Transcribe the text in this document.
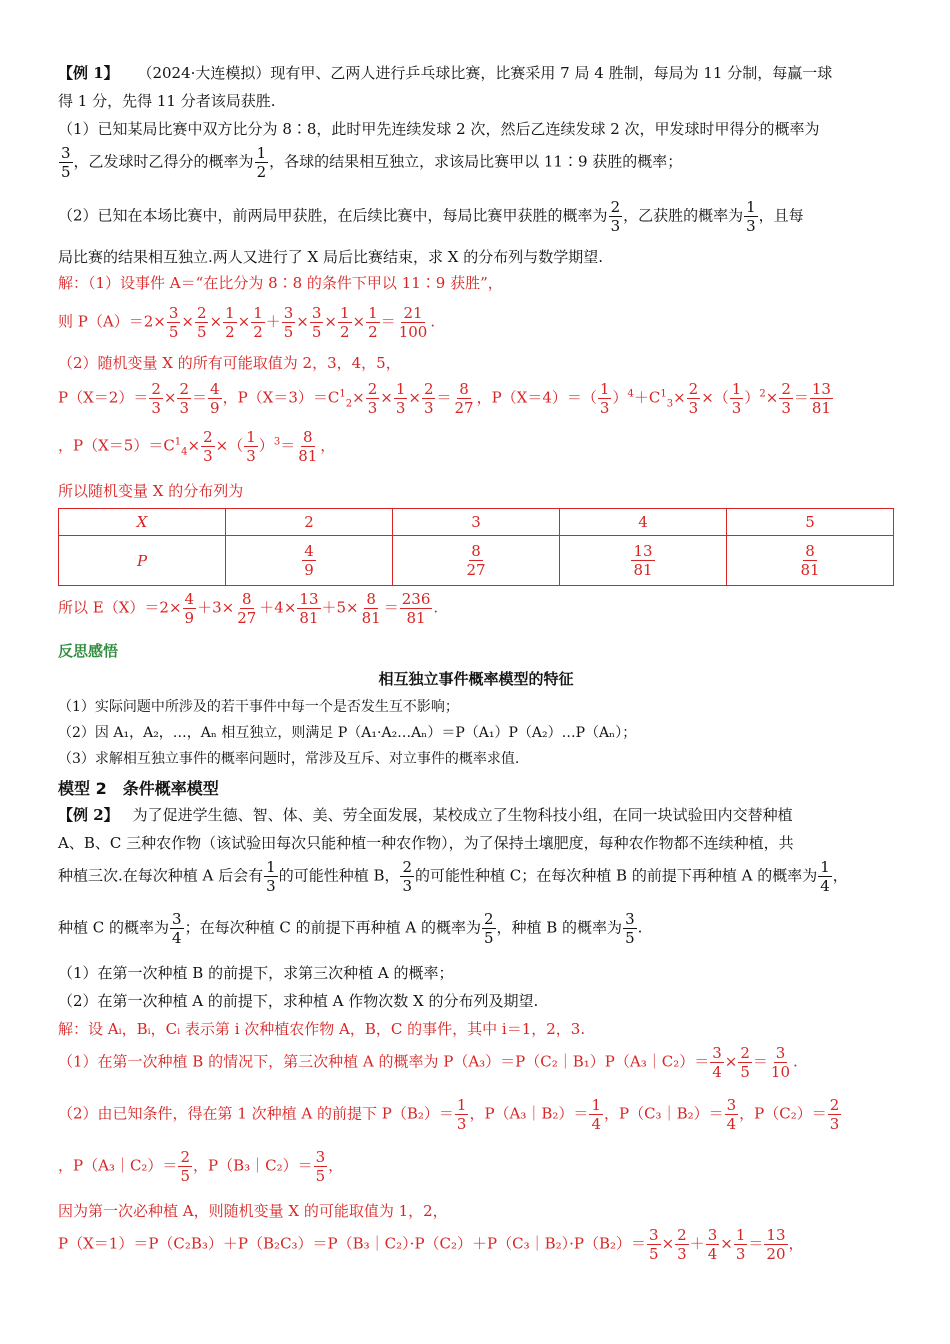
【例 1】 （2024·大连模拟）现有甲、乙两人进行乒乓球比赛，比赛采用 7 局 4 胜制，每局为 11 分制，每赢一球
得 1 分，先得 11 分者该局获胜.
（1）已知某局比赛中双方比分为 8∶8，此时甲先连续发球 2 次，然后乙连续发球 2 次，甲发球时甲得分的概率为
$\frac{3}{5}$ ，乙发球时乙得分的概率为 $\frac{1}{2}$ ，各球的结果相互独立，求该局比赛甲以 11∶9 获胜的概率；
（2）已知在本场比赛中，前两局甲获胜，在后续比赛中，每局比赛甲获胜的概率为 $\frac{2}{3}$ ，乙获胜的概率为 $\frac{1}{3}$ ，且每
局比赛的结果相互独立.两人又进行了 X 局后比赛结束，求 X 的分布列与数学期望.
解：（1）设事件 A＝“在比分为 8∶8 的条件下甲以 11∶9 获胜”，
则 $P(A)=2\times \frac{3}{5} \times \frac{2}{5} \times \frac{1}{2} \times \frac{1}{2} + \frac{3}{5} \times \frac{3}{5} \times \frac{1}{2} \times \frac{1}{2} = \frac{21}{100}$ .
（2）随机变量 X 的所有可能取值为 2，3，4，5，
$P(X=2)= \frac{2}{3} \times \frac{2}{3} = \frac{4}{9}$ ，$P(X=3)=C^1_2\times \frac{2}{3} \times \frac{1}{3} \times \frac{2}{3} = \frac{8}{27}$ ，$P(X=4)=( \frac{1}{3} )^4+C^1_3\times \frac{2}{3}$ ×（ $\frac{1}{3} )^2\times \frac{2}{3} = \frac{13}{81}$
，$P(X=5)=C^1_4\times \frac{2}{3}$ ×（ $\frac{1}{3} )^3= \frac{8}{81}$ ，
所以随机变量 X 的分布列为
X	2	3	4	5
P	$\frac{4}{9}$	$\frac{8}{27}$	$\frac{13}{81}$	$\frac{8}{81}$
所以 $E(X)=2\times \frac{4}{9} +3\times \frac{8}{27} +4\times \frac{13}{81} +5\times \frac{8}{81} = \frac{236}{81}$ .
反思感悟
相互独立事件概率模型的特征
（1）实际问题中所涉及的若干事件中每一个是否发生互不影响；
（2）因 A₁，A₂，…，Aₙ 相互独立，则满足 P（A₁·A₂…Aₙ）＝P（A₁）P（A₂）…P（Aₙ）；
（3）求解相互独立事件的概率问题时，常涉及互斥、对立事件的概率求值.
模型 2　条件概率模型
【例 2】 为了促进学生德、智、体、美、劳全面发展，某校成立了生物科技小组，在同一块试验田内交替种植
A、B、C 三种农作物（该试验田每次只能种植一种农作物），为了保持土壤肥度，每种农作物都不连续种植，共
种植三次.在每次种植 A 后会有 $\frac{1}{3}$ 的可能性种植 B， $\frac{2}{3}$ 的可能性种植 C；在每次种植 B 的前提下再种植 A 的概率为 $\frac{1}{4}$ ，
种植 C 的概率为 $\frac{3}{4}$ ；在每次种植 C 的前提下再种植 A 的概率为 $\frac{2}{5}$ ，种植 B 的概率为 $\frac{3}{5}$ .
（1）在第一次种植 B 的前提下，求第三次种植 A 的概率；
（2）在第一次种植 A 的前提下，求种植 A 作物次数 X 的分布列及期望.
解：设 Aᵢ，Bᵢ，Cᵢ 表示第 i 次种植农作物 A，B，C 的事件，其中 i＝1，2，3.
（1）在第一次种植 B 的情况下，第三次种植 A 的概率为 P（A₃）＝P（C₂｜B₁）P（A₃｜C₂）＝ $\frac{3}{4} \times \frac{2}{5} = \frac{3}{10}$ .
（2）由已知条件，得在第 1 次种植 A 的前提下 $P(B_2)= \frac{1}{3}$ ，P（A₃｜B₂）＝ $\frac{1}{4}$ ，P（C₃｜B₂）＝ $\frac{3}{4}$ ，$P(C_2)= \frac{2}{3}$
，P（A₃｜C₂）＝ $\frac{2}{5}$ ，P（B₃｜C₂）＝ $\frac{3}{5}$ ，
因为第一次必种植 A，则随机变量 X 的可能取值为 1，2，
P（X＝1）＝P（C₂B₃）＋P（B₂C₃）＝P（B₃｜C₂）·P（C₂）＋P（C₃｜B₂）·P（B₂）＝ $\frac{3}{5} \times \frac{2}{3} + \frac{3}{4} \times \frac{1}{3} = \frac{13}{20}$ ，
